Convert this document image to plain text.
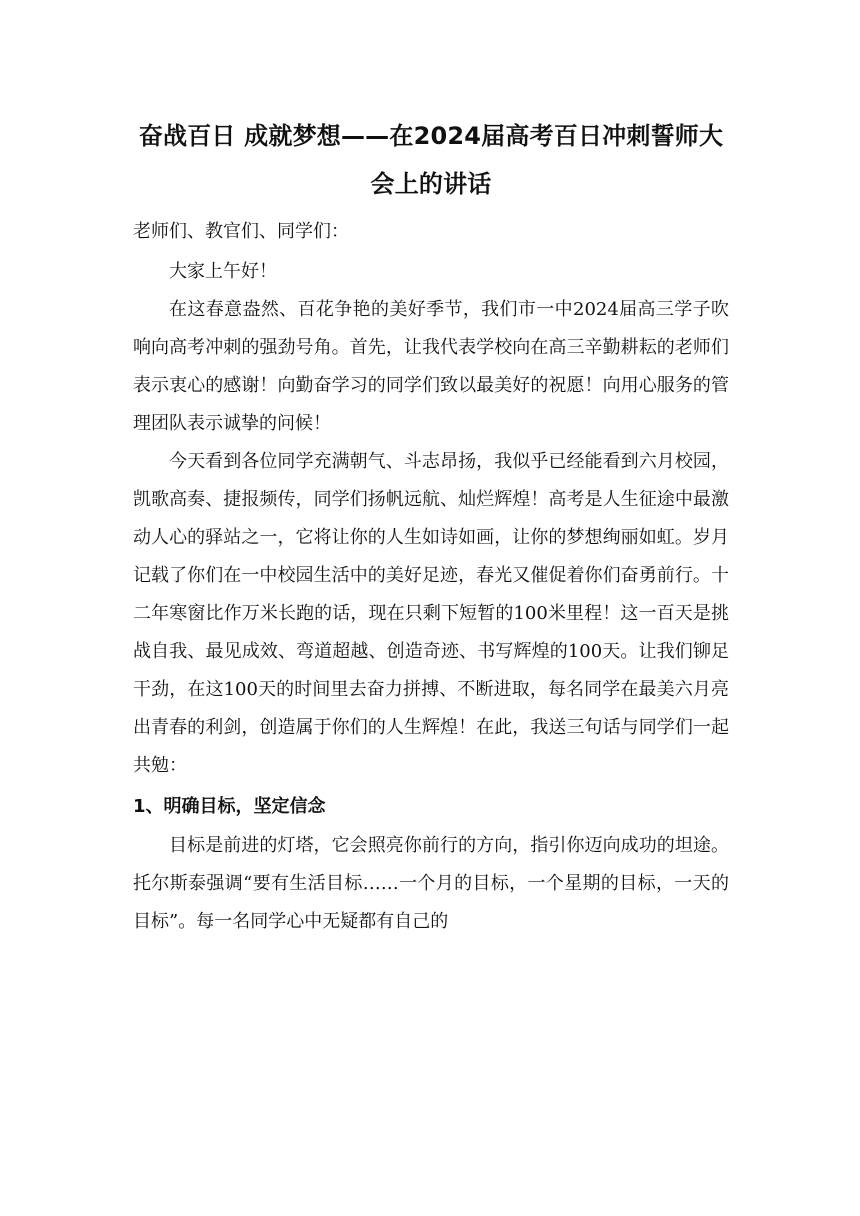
奋战百日 成就梦想——在2024届高考百日冲刺誓师大会上的讲话

老师们、教官们、同学们：

大家上午好！

在这春意盎然、百花争艳的美好季节，我们市一中2024届高三学子吹响向高考冲刺的强劲号角。首先，让我代表学校向在高三辛勤耕耘的老师们表示衷心的感谢！向勤奋学习的同学们致以最美好的祝愿！向用心服务的管理团队表示诚挚的问候！

今天看到各位同学充满朝气、斗志昂扬，我似乎已经能看到六月校园，凯歌高奏、捷报频传，同学们扬帆远航、灿烂辉煌！高考是人生征途中最激动人心的驿站之一，它将让你的人生如诗如画，让你的梦想绚丽如虹。岁月记载了你们在一中校园生活中的美好足迹，春光又催促着你们奋勇前行。十二年寒窗比作万米长跑的话，现在只剩下短暂的100米里程！这一百天是挑战自我、最见成效、弯道超越、创造奇迹、书写辉煌的100天。让我们铆足干劲，在这100天的时间里去奋力拼搏、不断进取，每名同学在最美六月亮出青春的利剑，创造属于你们的人生辉煌！在此，我送三句话与同学们一起共勉：

1、明确目标，坚定信念

目标是前进的灯塔，它会照亮你前行的方向，指引你迈向成功的坦途。托尔斯泰强调“要有生活目标……一个月的目标，一个星期的目标，一天的目标”。每一名同学心中无疑都有自己的
